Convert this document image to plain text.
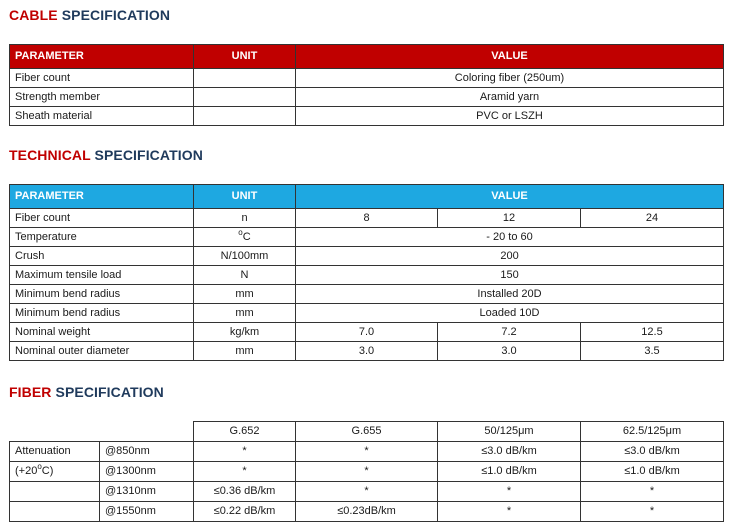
CABLE SPECIFICATION
PARAMETER	UNIT	VALUE
Fiber count		Coloring fiber (250um)
Strength member		Aramid yarn
Sheath material		PVC or LSZH
TECHNICAL SPECIFICATION
PARAMETER	UNIT	VALUE		
Fiber count	n	8	12	24
Temperature	$^o$C	- 20 to 60		
Crush	N/100mm	200		
Maximum tensile load	N	150		
Minimum bend radius	mm	Installed 20D		
Minimum bend radius	mm	Loaded 10D		
Nominal weight	kg/km	7.0	7.2	12.5
Nominal outer diameter	mm	3.0	3.0	3.5
FIBER SPECIFICATION
		G.652	G.655	50/125μm	62.5/125μm
Attenuation	@850nm	*	*	≤3.0 dB/km	≤3.0 dB/km
$(+20^oC)$	@1300nm	*	*	≤1.0 dB/km	≤1.0 dB/km
	@1310nm	≤0.36 dB/km	*	*	*
	@1550nm	≤0.22 dB/km	≤0.23dB/km	*	*
